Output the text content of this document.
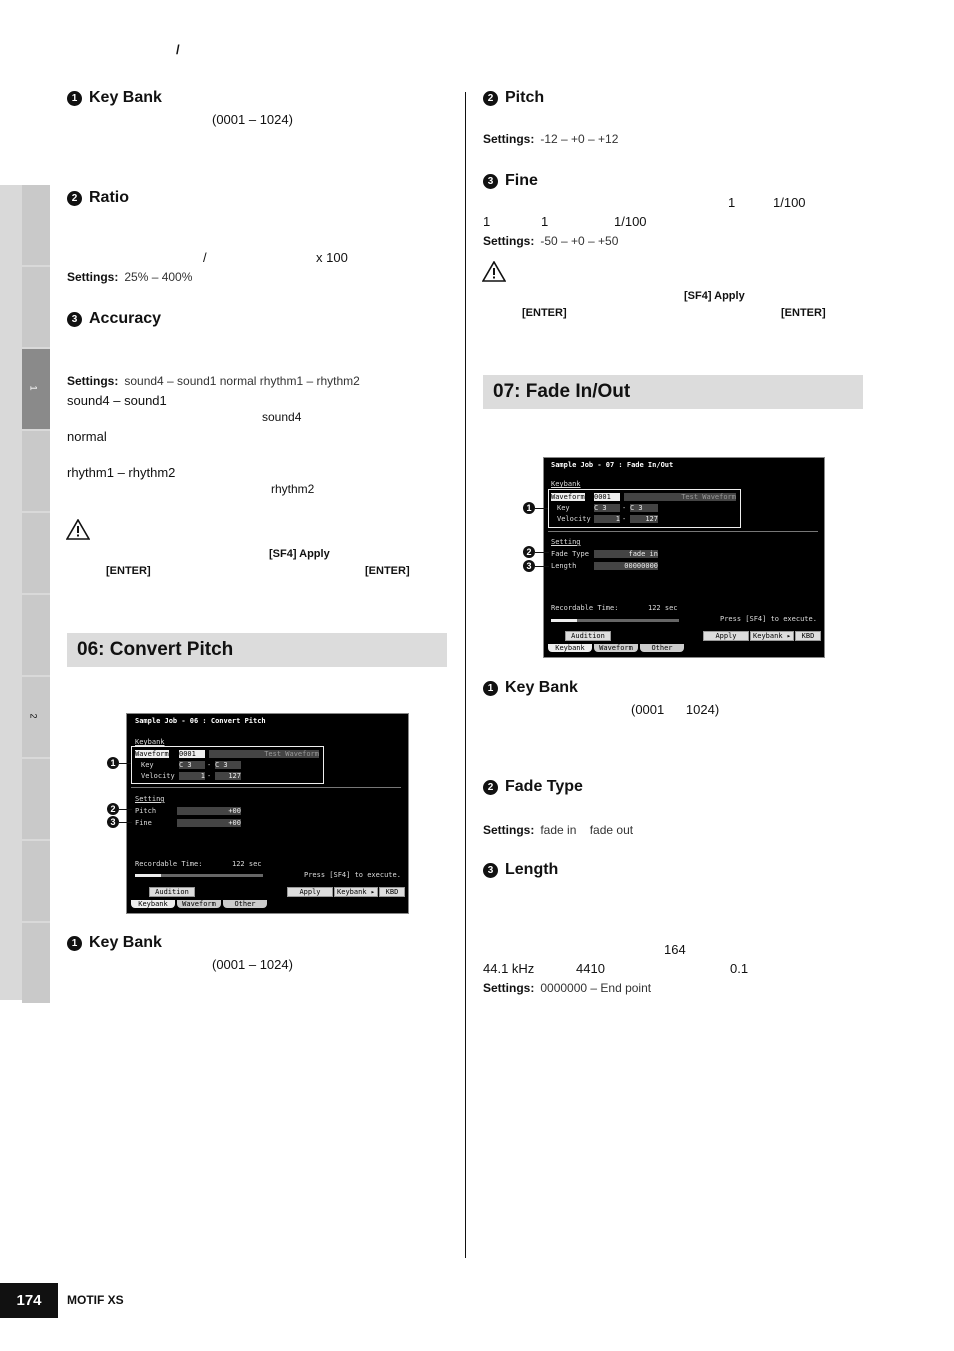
/
1
2
1 Key Bank
(0001 – 1024)
2 Ratio
/	x 100
Settings: 25% – 400%
3 Accuracy
Settings: sound4 – sound1 normal rhythm1 – rhythm2
sound4 – sound1
sound4
normal
rhythm1 – rhythm2
rhythm2
[SF4] Apply
[ENTER]	[ENTER]
06: Convert Pitch
Sample Job - 06 : Convert Pitch
Keybank
Waveform 0001	Test Waveform
Key	C 3	- C 3
Velocity	1 -	127
Setting
Pitch	+00
Fine	+00
Recordable Time:	122 sec
Press [SF4] to execute.
Audition	Apply	Keybank ▸	KBD
Keybank	Waveform	Other
1
2
3
1 Key Bank
(0001 – 1024)
2 Pitch
Settings: -12 – +0 – +12
3 Fine
1	1/100
1	1	1/100
Settings: -50 – +0 – +50
[SF4] Apply
[ENTER]	[ENTER]
07: Fade In/Out
Sample Job - 07 : Fade In/Out
Keybank
Waveform 0001	Test Waveform
Key	C 3	- C 3
Velocity	1 -	127
Setting
Fade Type	fade in
Length	00000000
Recordable Time:	122 sec
Press [SF4] to execute.
Audition	Apply	Keybank ▸	KBD
Keybank	Waveform	Other
1
2
3
1 Key Bank
(0001      1024)
2 Fade Type
Settings: fade in    fade out
3 Length
164
44.1 kHz	4410	0.1
Settings: 0000000 – End point
174	MOTIF XS
